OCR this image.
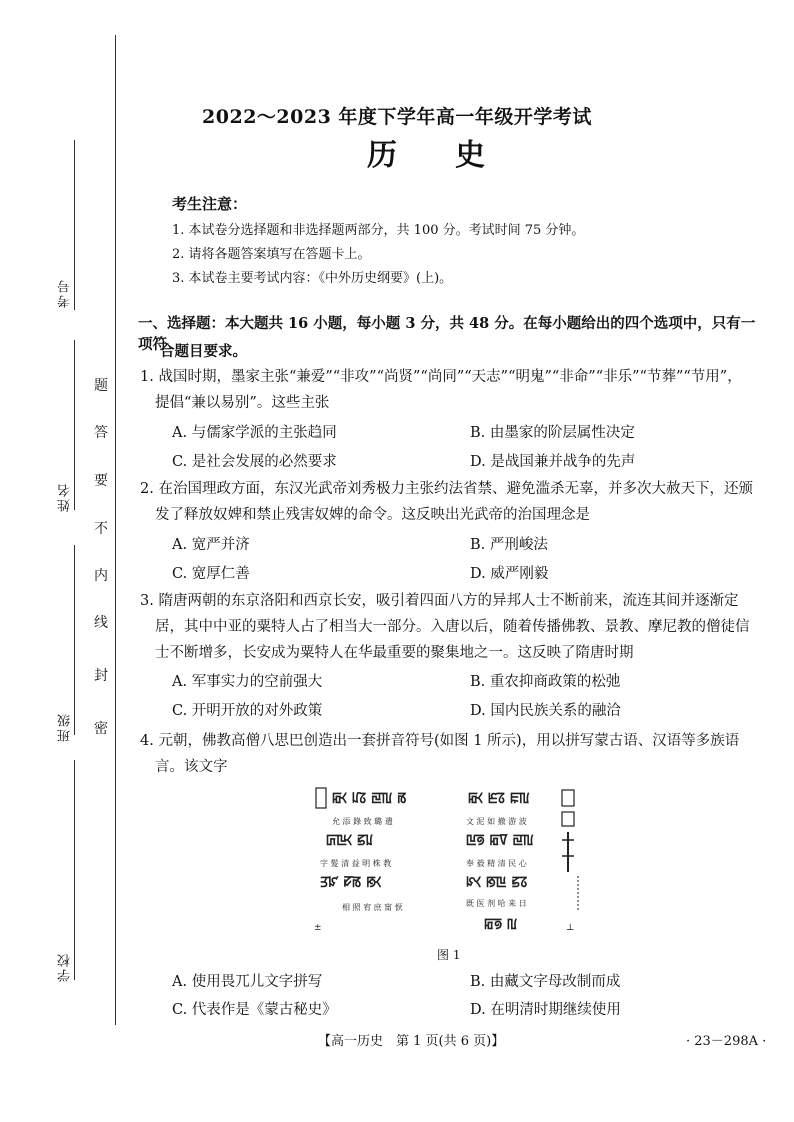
考号
姓名
班级
学校
密
封
线
内
不
要
答
题
2022～2023 年度下学年高一年级开学考试
历史
考生注意：
1. 本试卷分选择题和非选择题两部分，共 100 分。考试时间 75 分钟。
2. 请将各题答案填写在答题卡上。
3. 本试卷主要考试内容：《中外历史纲要》(上)。
一、选择题：本大题共 16 小题，每小题 3 分，共 48 分。在每小题给出的四个选项中，只有一项符
合题目要求。
1. 战国时期，墨家主张“兼爱”“非攻”“尚贤”“尚同”“天志”“明鬼”“非命”“非乐”“节葬”“节用”，
提倡“兼以易别”。这些主张
A. 与儒家学派的主张趋同	B. 由墨家的阶层属性决定
C. 是社会发展的必然要求	D. 是战国兼并战争的先声
2. 在治国理政方面，东汉光武帝刘秀极力主张约法省禁、避免滥杀无辜，并多次大赦天下，还颁
发了释放奴婢和禁止残害奴婢的命令。这反映出光武帝的治国理念是
A. 宽严并济	B. 严刑峻法
C. 宽厚仁善	D. 威严刚毅
3. 隋唐两朝的东京洛阳和西京长安，吸引着四面八方的异邦人士不断前来，流连其间并逐渐定
居，其中中亚的粟特人占了相当大一部分。入唐以后，随着传播佛教、景教、摩尼教的僧徒信
士不断增多，长安成为粟特人在华最重要的聚集地之一。这反映了隋唐时期
A. 军事实力的空前强大	B. 重农抑商政策的松弛
C. 开明开放的对外政策	D. 国内民族关系的融洽
4. 元朝，佛教高僧八思巴创造出一套拼音符号(如图 1 所示)，用以拼写蒙古语、汉语等多族语
言。该文字
ꡂꡡ ꡊꡞ ꡙꡃ ꡏ
允 添 錄 致 璐 遺
ꡚꡖꡡ ꡝꡊ
字 髮 清 益 明 株 教
ꡗꡜ ꡛꡏ ꡐꡡ
相 照 宥 庶 甯 恹
±
ꡂꡡ ꡈꡞ ꡀꡃ
文 泥 如 撤 游 波
ꡖꡟ ꡂꡧ ꡙꡃ
奉 毅 精 清 民 心
ꡜꡡ ꡐꡖ ꡝꡞ
既 医 剂 哈 来 日
ꡂꡟ ꡃ	⊥
图 1
A. 使用畏兀儿文字拼写	B. 由藏文字母改制而成
C. 代表作是《蒙古秘史》	D. 在明清时期继续使用
【高一历史　第 1 页(共 6 页)】	· 23－298A ·
